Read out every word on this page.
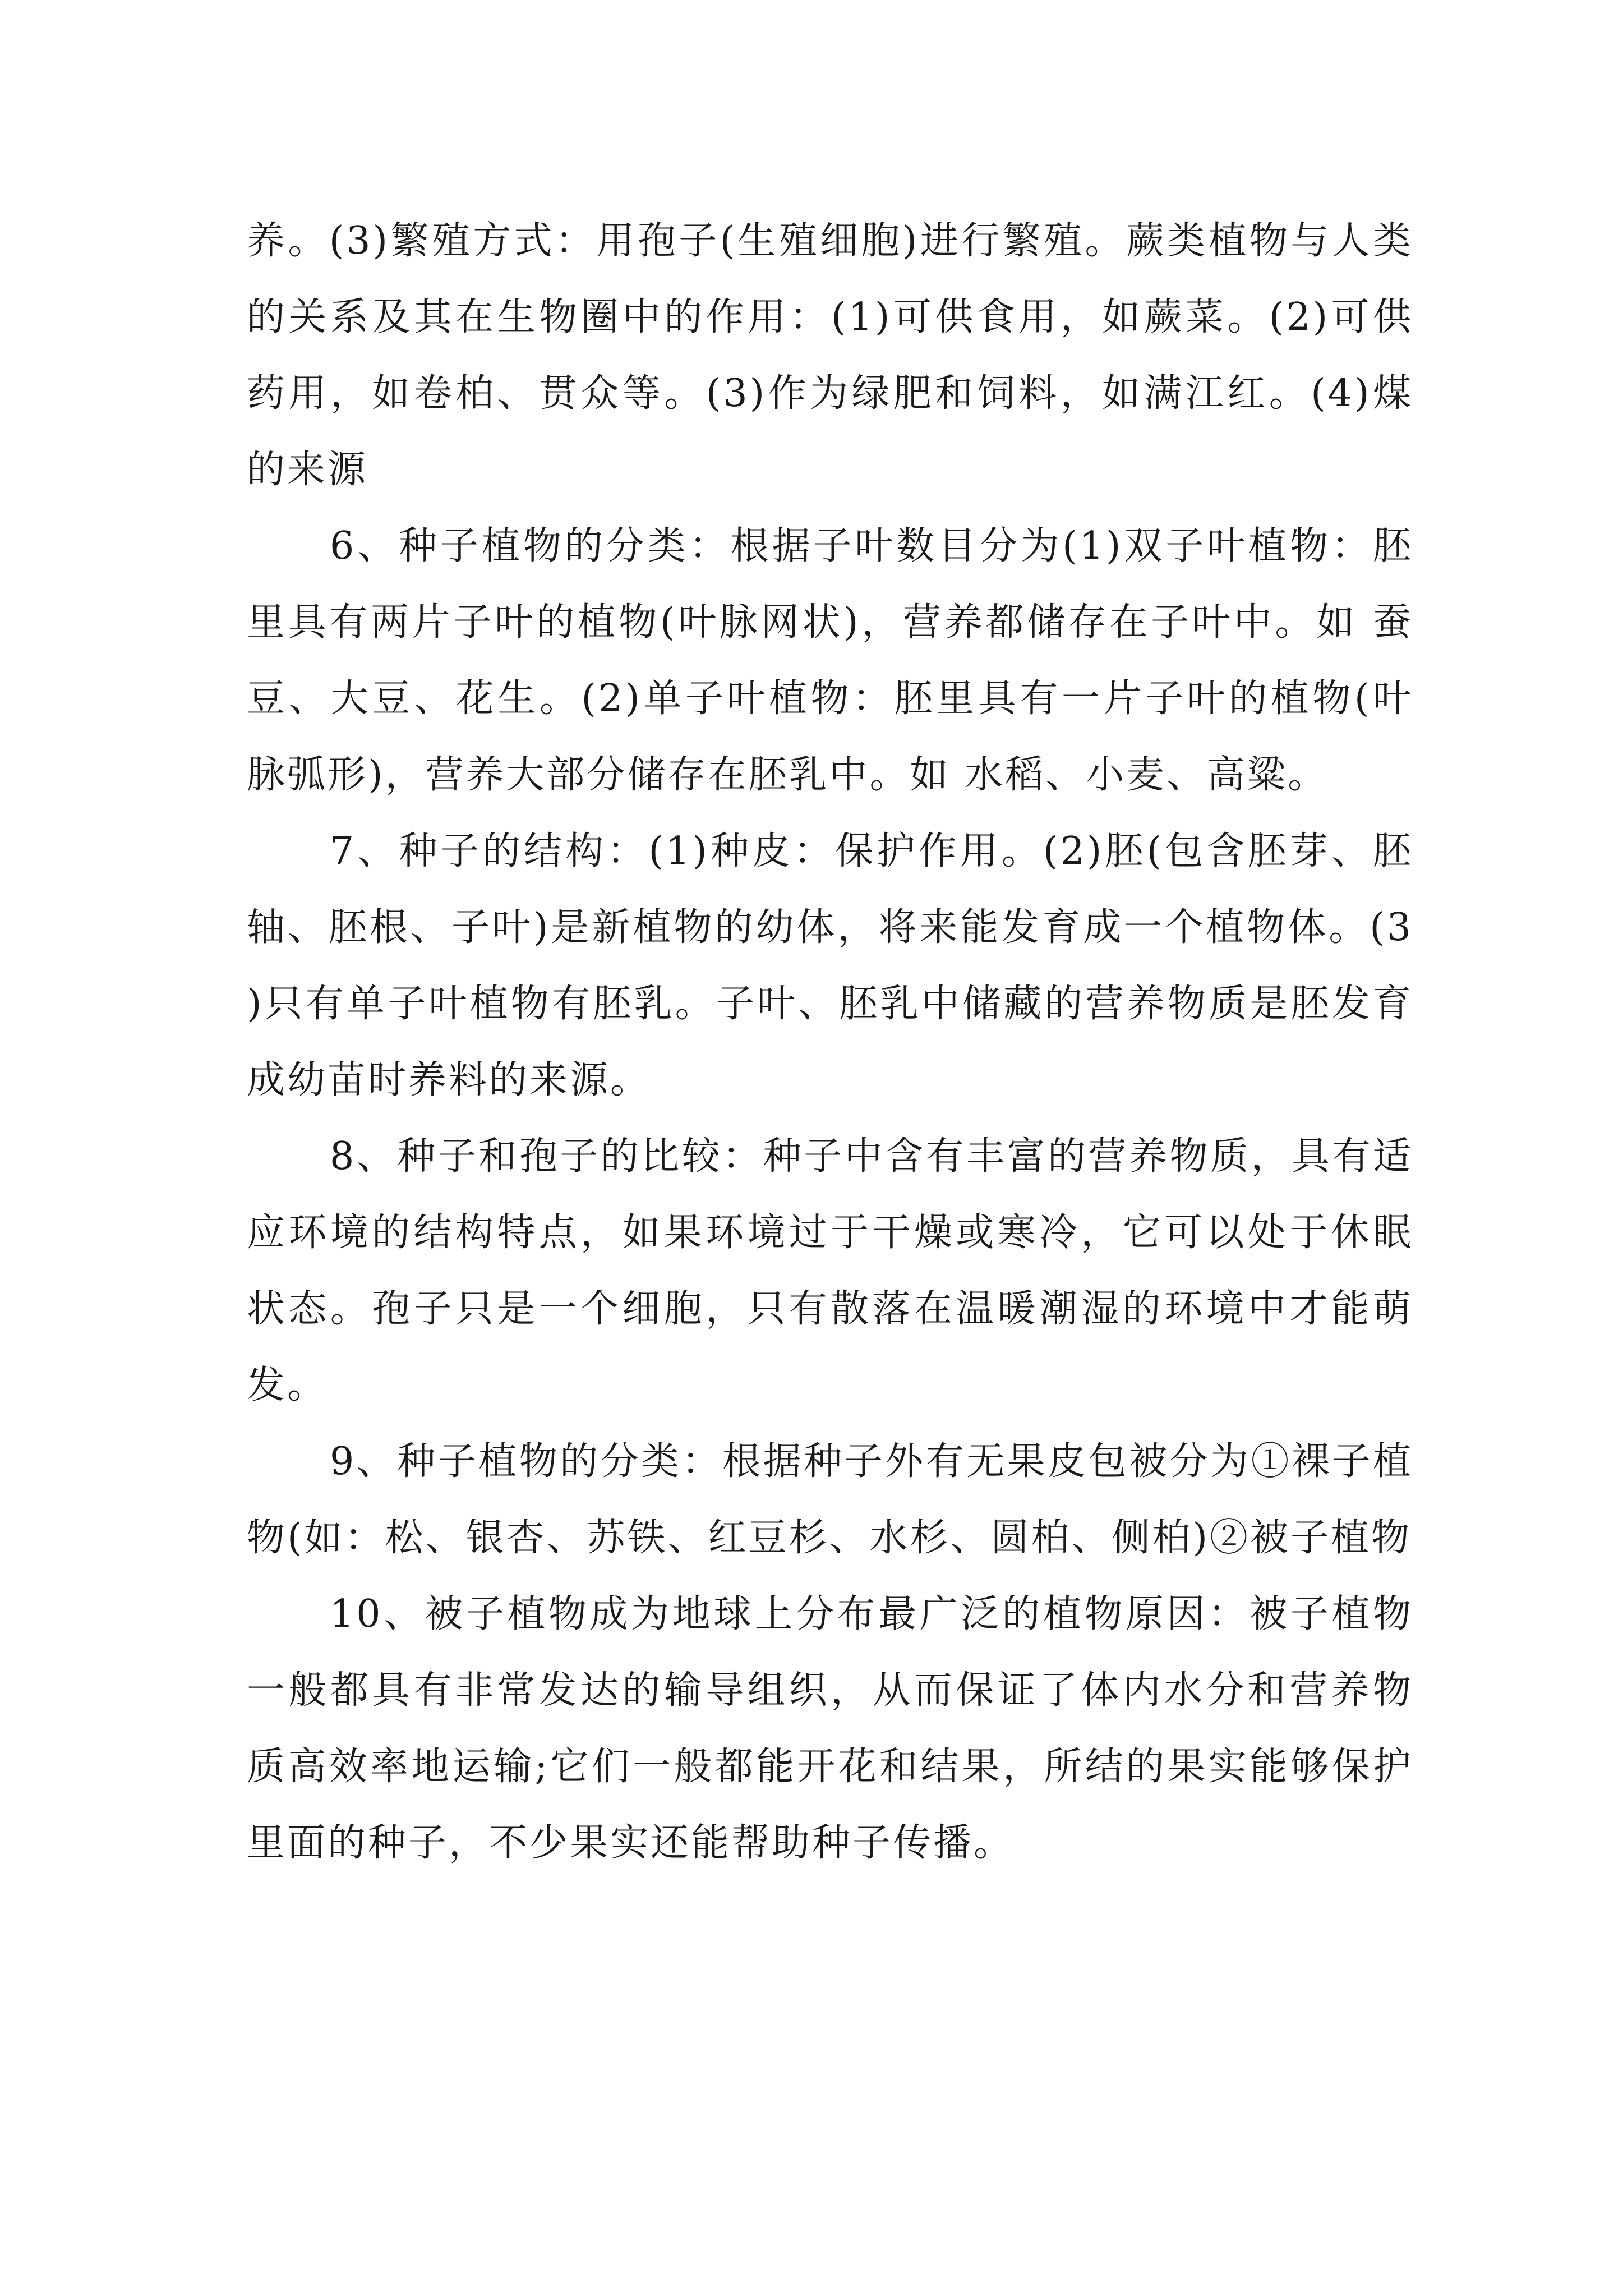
养。(3)繁殖方式：用孢子(生殖细胞)进行繁殖。蕨类植物与人类的关系及其在生物圈中的作用：(1)可供食用，如蕨菜。(2)可供药用，如卷柏、贯众等。(3)作为绿肥和饲料，如满江红。(4)煤的来源

6、种子植物的分类：根据子叶数目分为(1)双子叶植物：胚里具有两片子叶的植物(叶脉网状)，营养都储存在子叶中。如 蚕豆、大豆、花生。(2)单子叶植物：胚里具有一片子叶的植物(叶脉弧形)，营养大部分储存在胚乳中。如 水稻、小麦、高粱。

7、种子的结构：(1)种皮：保护作用。(2)胚(包含胚芽、胚轴、胚根、子叶)是新植物的幼体，将来能发育成一个植物体。(3)只有单子叶植物有胚乳。子叶、胚乳中储藏的营养物质是胚发育成幼苗时养料的来源。

8、种子和孢子的比较：种子中含有丰富的营养物质，具有适应环境的结构特点，如果环境过于干燥或寒冷，它可以处于休眠状态。孢子只是一个细胞，只有散落在温暖潮湿的环境中才能萌发。

9、种子植物的分类：根据种子外有无果皮包被分为①裸子植物(如：松、银杏、苏铁、红豆杉、水杉、圆柏、侧柏)②被子植物

10、被子植物成为地球上分布最广泛的植物原因：被子植物一般都具有非常发达的输导组织，从而保证了体内水分和营养物质高效率地运输;它们一般都能开花和结果，所结的果实能够保护里面的种子，不少果实还能帮助种子传播。
